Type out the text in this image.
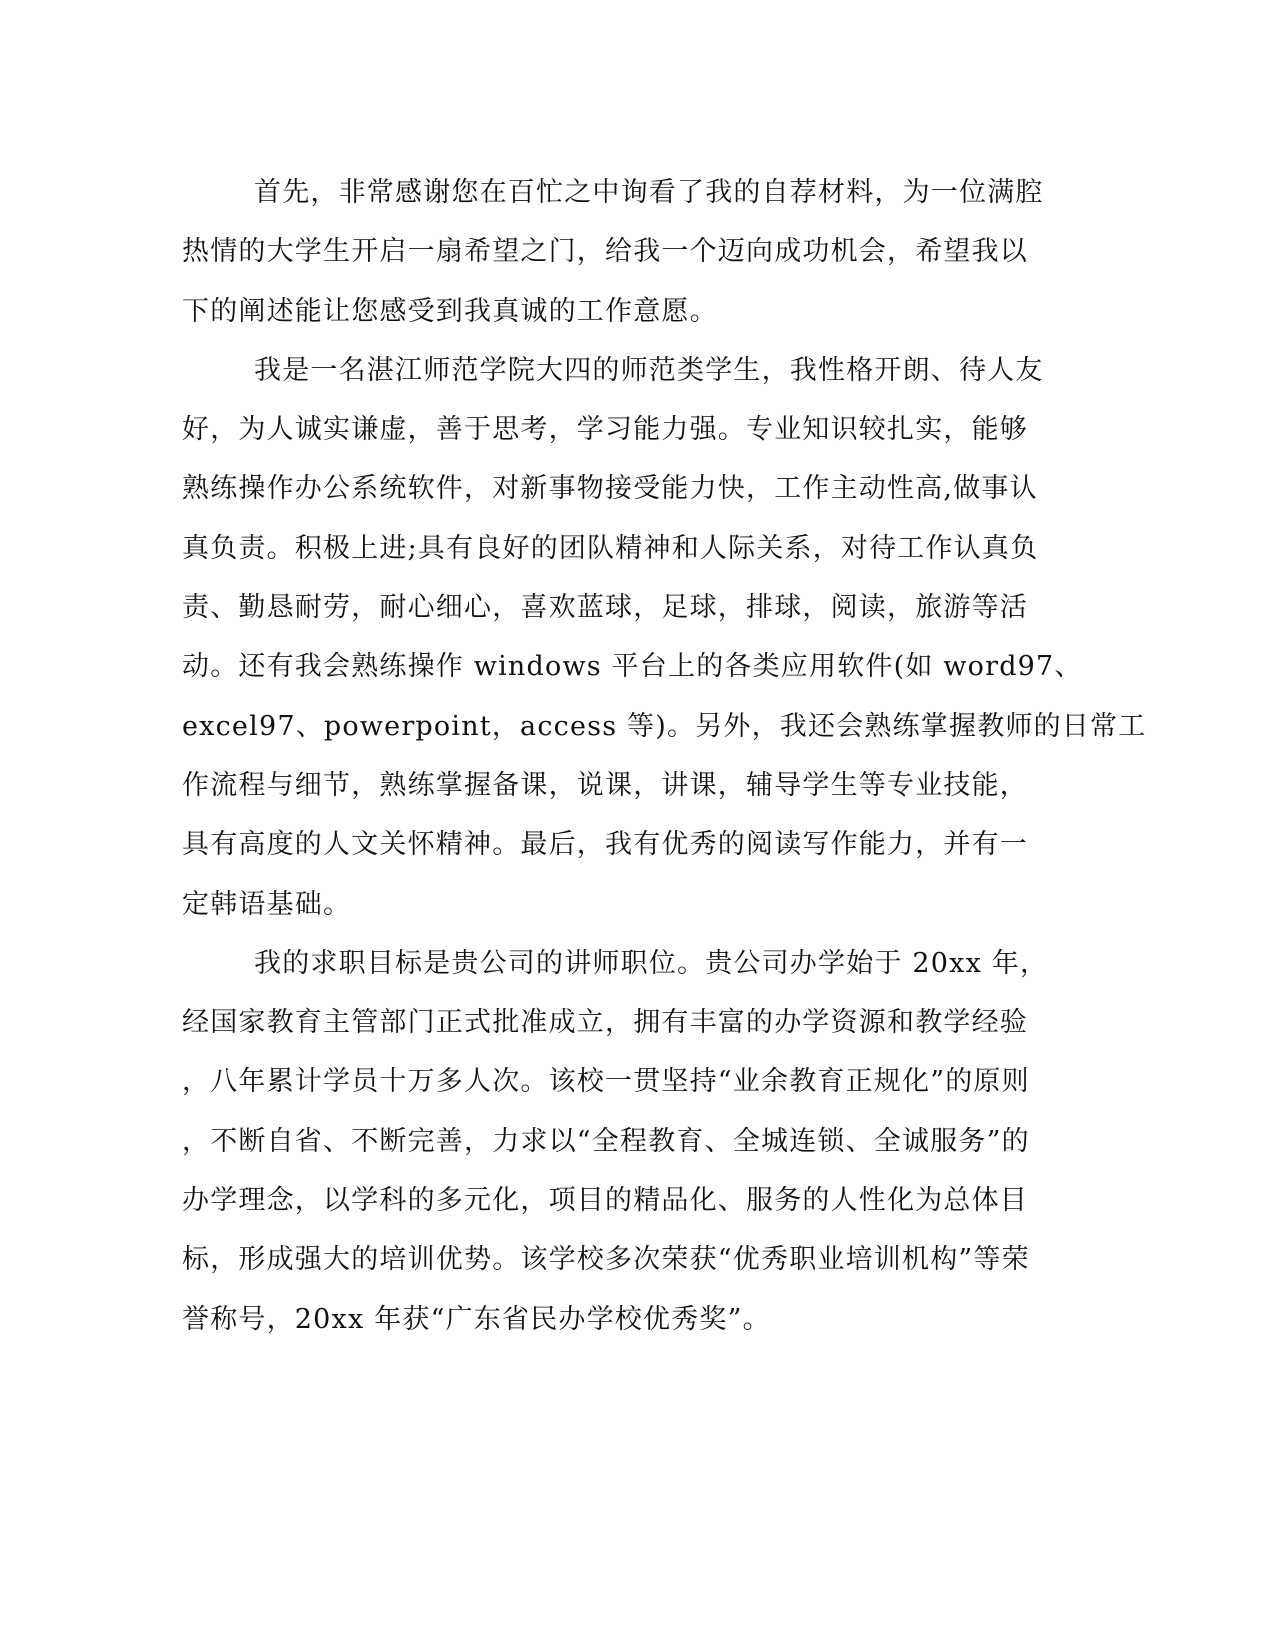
首先，非常感谢您在百忙之中询看了我的自荐材料，为一位满腔
热情的大学生开启一扇希望之门，给我一个迈向成功机会，希望我以
下的阐述能让您感受到我真诚的工作意愿。
我是一名湛江师范学院大四的师范类学生，我性格开朗、待人友
好，为人诚实谦虚，善于思考，学习能力强。专业知识较扎实，能够
熟练操作办公系统软件，对新事物接受能力快，工作主动性高,做事认
真负责。积极上进;具有良好的团队精神和人际关系，对待工作认真负
责、勤恳耐劳，耐心细心，喜欢蓝球，足球，排球，阅读，旅游等活
动。还有我会熟练操作 windows 平台上的各类应用软件(如 word97、
excel97、powerpoint，access 等)。另外，我还会熟练掌握教师的日常工
作流程与细节，熟练掌握备课，说课，讲课，辅导学生等专业技能，
具有高度的人文关怀精神。最后，我有优秀的阅读写作能力，并有一
定韩语基础。
我的求职目标是贵公司的讲师职位。贵公司办学始于 20xx 年，
经国家教育主管部门正式批准成立，拥有丰富的办学资源和教学经验
，八年累计学员十万多人次。该校一贯坚持“业余教育正规化”的原则
，不断自省、不断完善，力求以“全程教育、全城连锁、全诚服务”的
办学理念，以学科的多元化，项目的精品化、服务的人性化为总体目
标，形成强大的培训优势。该学校多次荣获“优秀职业培训机构”等荣
誉称号，20xx 年获“广东省民办学校优秀奖”。
